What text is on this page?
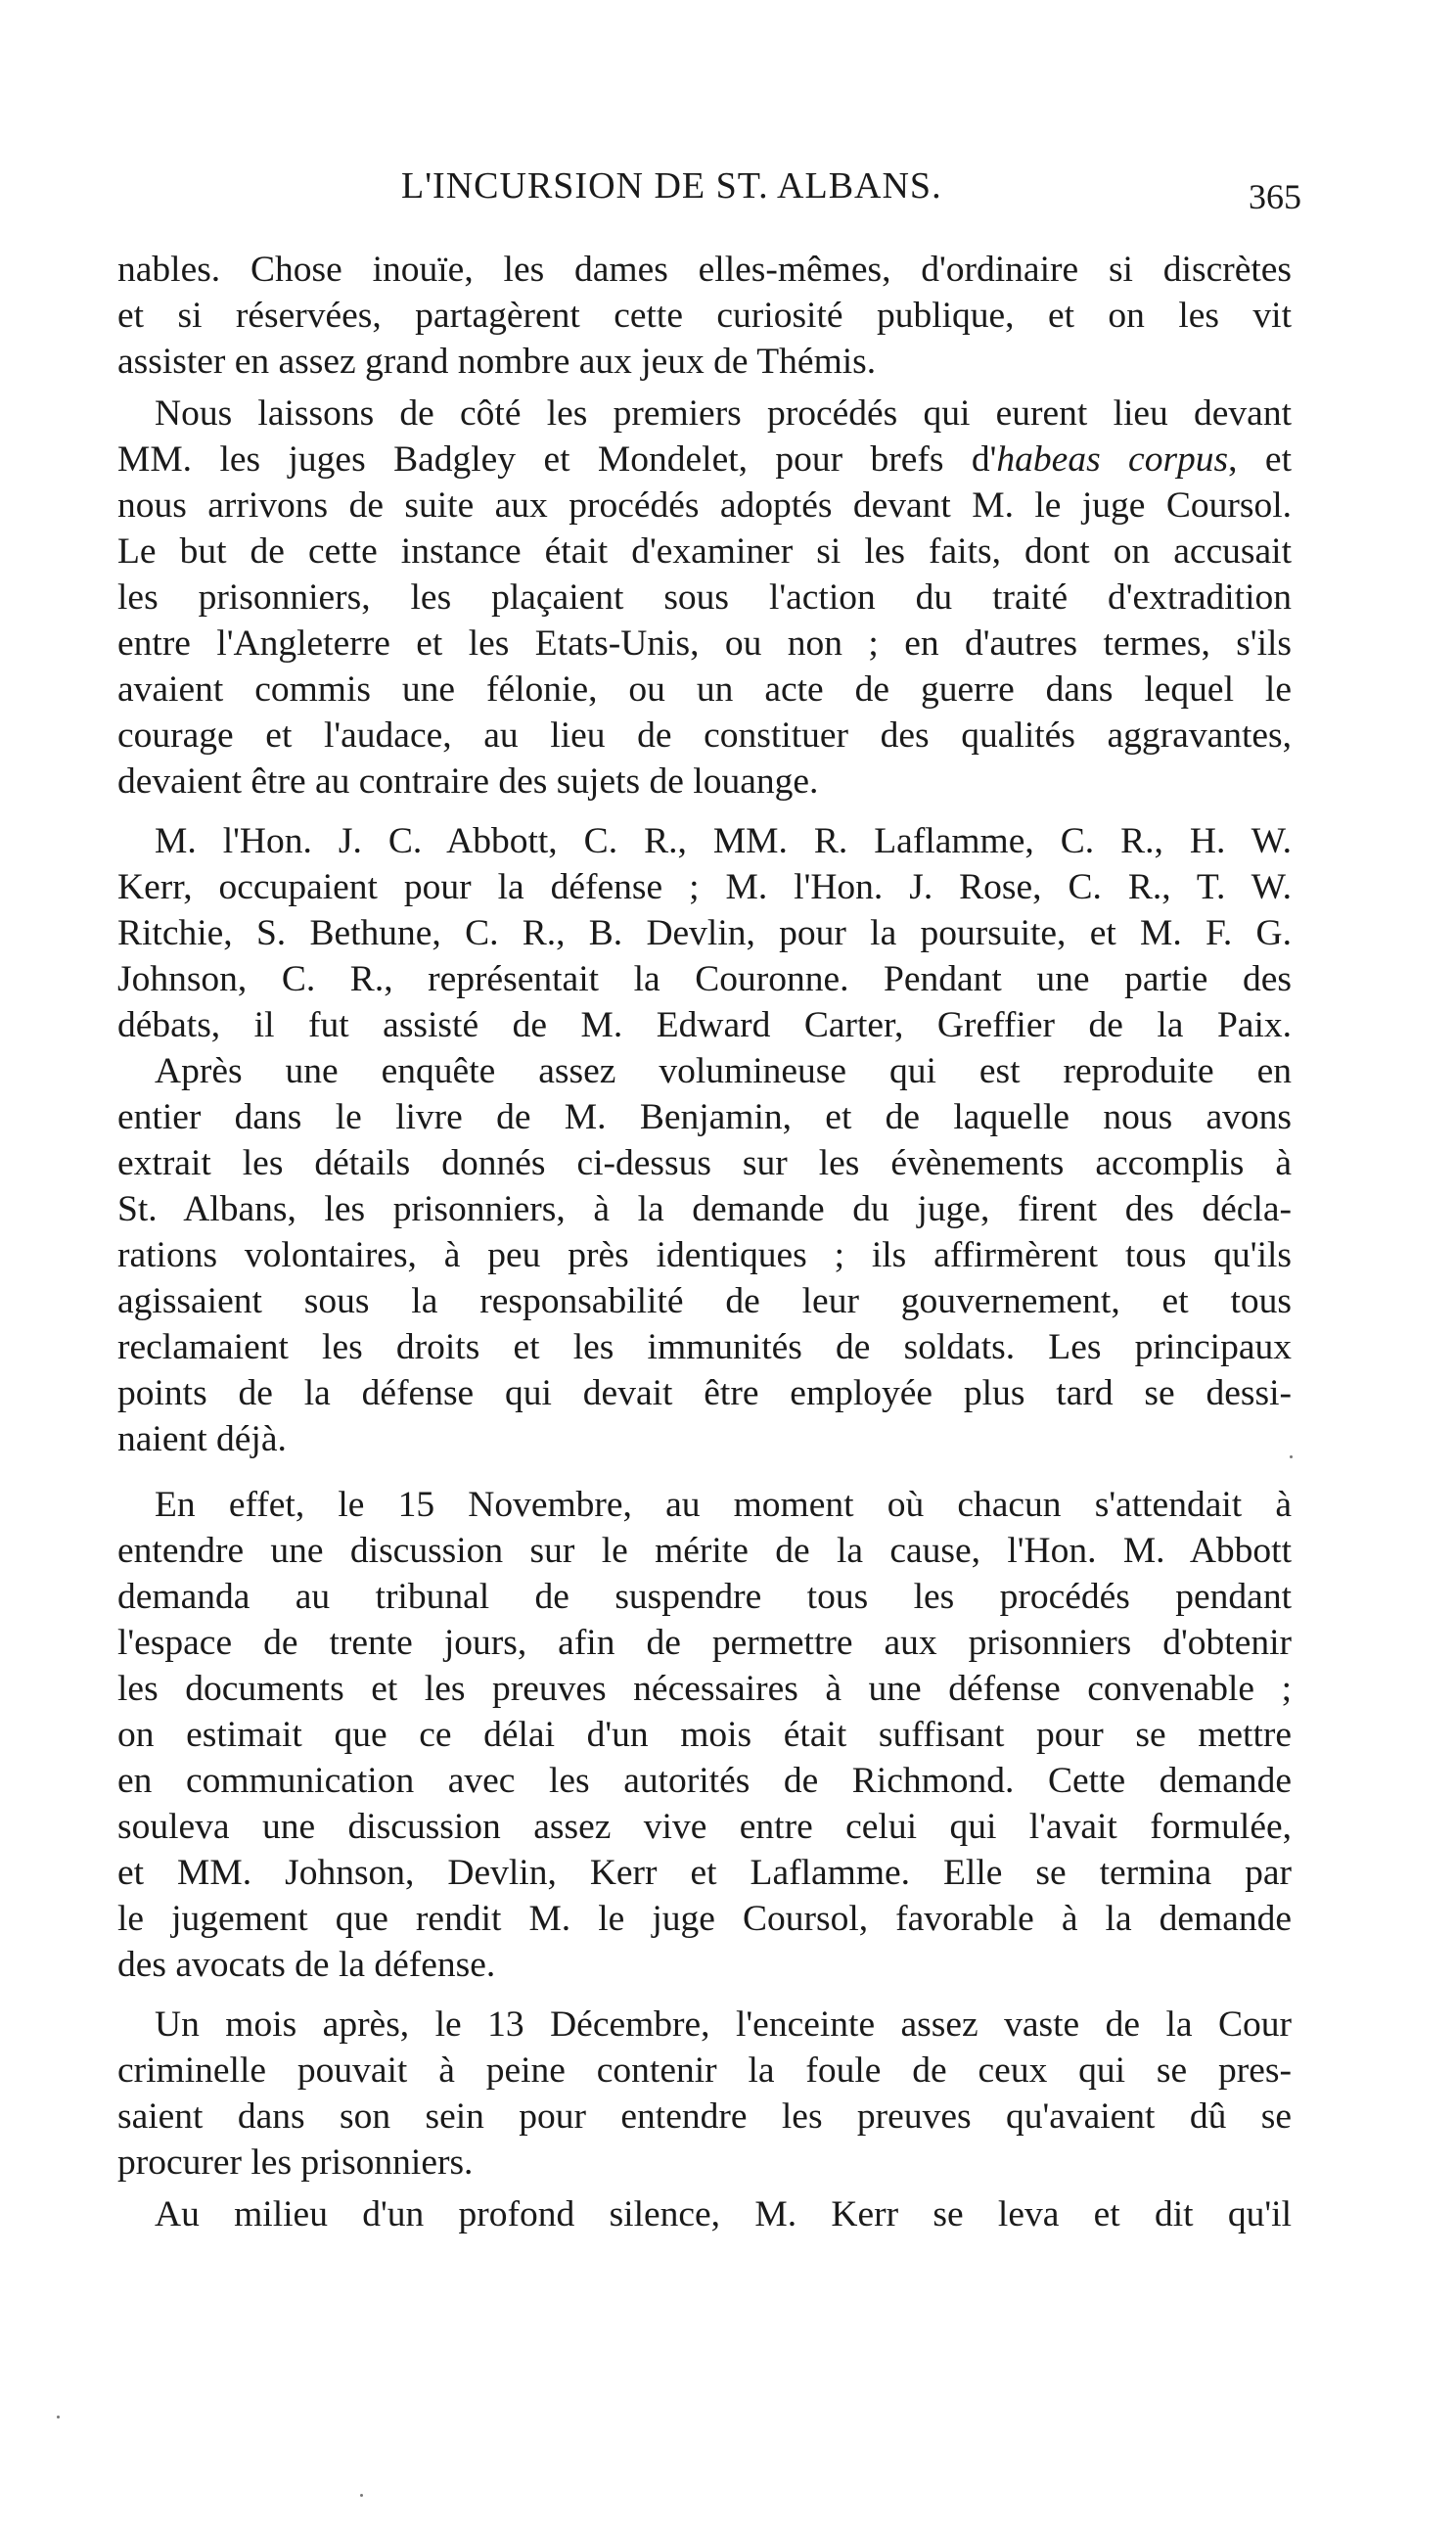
L'INCURSION DE ST. ALBANS.	365
nables. Chose inouïe, les dames elles-mêmes, d'ordinaire si discrètes
et si réservées, partagèrent cette curiosité publique, et on les vit
assister en assez grand nombre aux jeux de Thémis.
Nous laissons de côté les premiers procédés qui eurent lieu devant
MM. les juges Badgley et Mondelet, pour brefs d'habeas corpus, et
nous arrivons de suite aux procédés adoptés devant M. le juge Coursol.
Le but de cette instance était d'examiner si les faits, dont on accusait
les prisonniers, les plaçaient sous l'action du traité d'extradition
entre l'Angleterre et les Etats-Unis, ou non ; en d'autres termes, s'ils
avaient commis une félonie, ou un acte de guerre dans lequel le
courage et l'audace, au lieu de constituer des qualités aggravantes,
devaient être au contraire des sujets de louange.
M. l'Hon. J. C. Abbott, C. R., MM. R. Laflamme, C. R., H. W.
Kerr, occupaient pour la défense ; M. l'Hon. J. Rose, C. R., T. W.
Ritchie, S. Bethune, C. R., B. Devlin, pour la poursuite, et M. F. G.
Johnson, C. R., représentait la Couronne. Pendant une partie des
débats, il fut assisté de M. Edward Carter, Greffier de la Paix.
Après une enquête assez volumineuse qui est reproduite en
entier dans le livre de M. Benjamin, et de laquelle nous avons
extrait les détails donnés ci-dessus sur les évènements accomplis à
St. Albans, les prisonniers, à la demande du juge, firent des décla-
rations volontaires, à peu près identiques ; ils affirmèrent tous qu'ils
agissaient sous la responsabilité de leur gouvernement, et tous
reclamaient les droits et les immunités de soldats. Les principaux
points de la défense qui devait être employée plus tard se dessi-
naient déjà.
En effet, le 15 Novembre, au moment où chacun s'attendait à
entendre une discussion sur le mérite de la cause, l'Hon. M. Abbott
demanda au tribunal de suspendre tous les procédés pendant
l'espace de trente jours, afin de permettre aux prisonniers d'obtenir
les documents et les preuves nécessaires à une défense convenable ;
on estimait que ce délai d'un mois était suffisant pour se mettre
en communication avec les autorités de Richmond. Cette demande
souleva une discussion assez vive entre celui qui l'avait formulée,
et MM. Johnson, Devlin, Kerr et Laflamme. Elle se termina par
le jugement que rendit M. le juge Coursol, favorable à la demande
des avocats de la défense.
Un mois après, le 13 Décembre, l'enceinte assez vaste de la Cour
criminelle pouvait à peine contenir la foule de ceux qui se pres-
saient dans son sein pour entendre les preuves qu'avaient dû se
procurer les prisonniers.
Au milieu d'un profond silence, M. Kerr se leva et dit qu'il
